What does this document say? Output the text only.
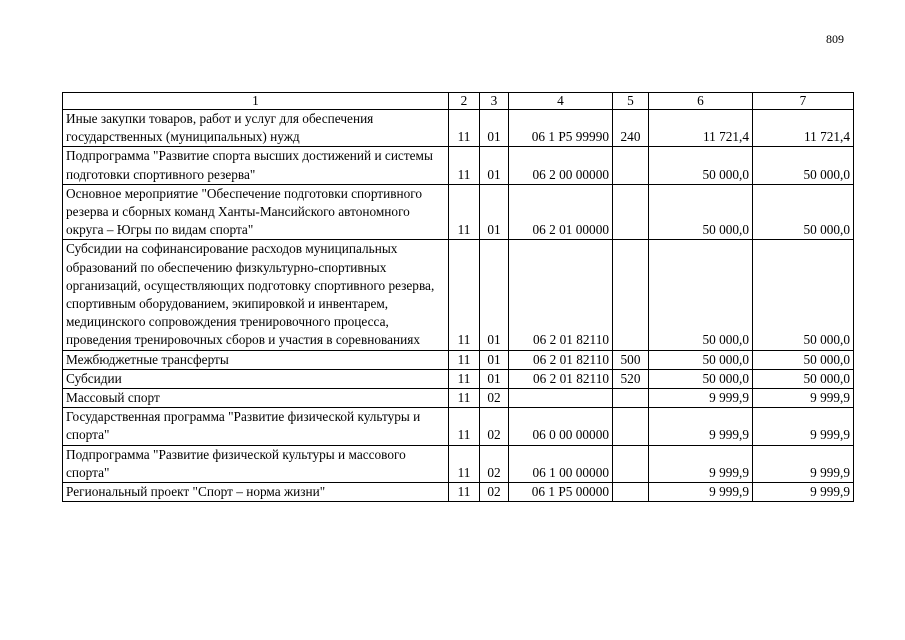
809
1	2	3	4	5	6	7
Иные закупки товаров, работ и услуг для обеспечения государственных (муниципальных) нужд	11	01	06 1 P5 99990	240	11 721,4	11 721,4
Подпрограмма "Развитие спорта высших достижений и системы подготовки спортивного резерва"	11	01	06 2 00 00000		50 000,0	50 000,0
Основное мероприятие "Обеспечение подготовки спортивного резерва и сборных команд Ханты-Мансийского автономного округа – Югры по видам спорта"	11	01	06 2 01 00000		50 000,0	50 000,0
Субсидии на софинансирование расходов муниципальных образований по обеспечению физкультурно-спортивных организаций, осуществляющих подготовку спортивного резерва, спортивным оборудованием, экипировкой и инвентарем, медицинского сопровождения тренировочного процесса, проведения тренировочных сборов и участия в соревнованиях	11	01	06 2 01 82110		50 000,0	50 000,0
Межбюджетные трансферты	11	01	06 2 01 82110	500	50 000,0	50 000,0
Субсидии	11	01	06 2 01 82110	520	50 000,0	50 000,0
Массовый спорт	11	02			9 999,9	9 999,9
Государственная программа "Развитие физической культуры и спорта"	11	02	06 0 00 00000		9 999,9	9 999,9
Подпрограмма "Развитие физической культуры и массового спорта"	11	02	06 1 00 00000		9 999,9	9 999,9
Региональный проект "Спорт – норма жизни"	11	02	06 1 P5 00000		9 999,9	9 999,9
